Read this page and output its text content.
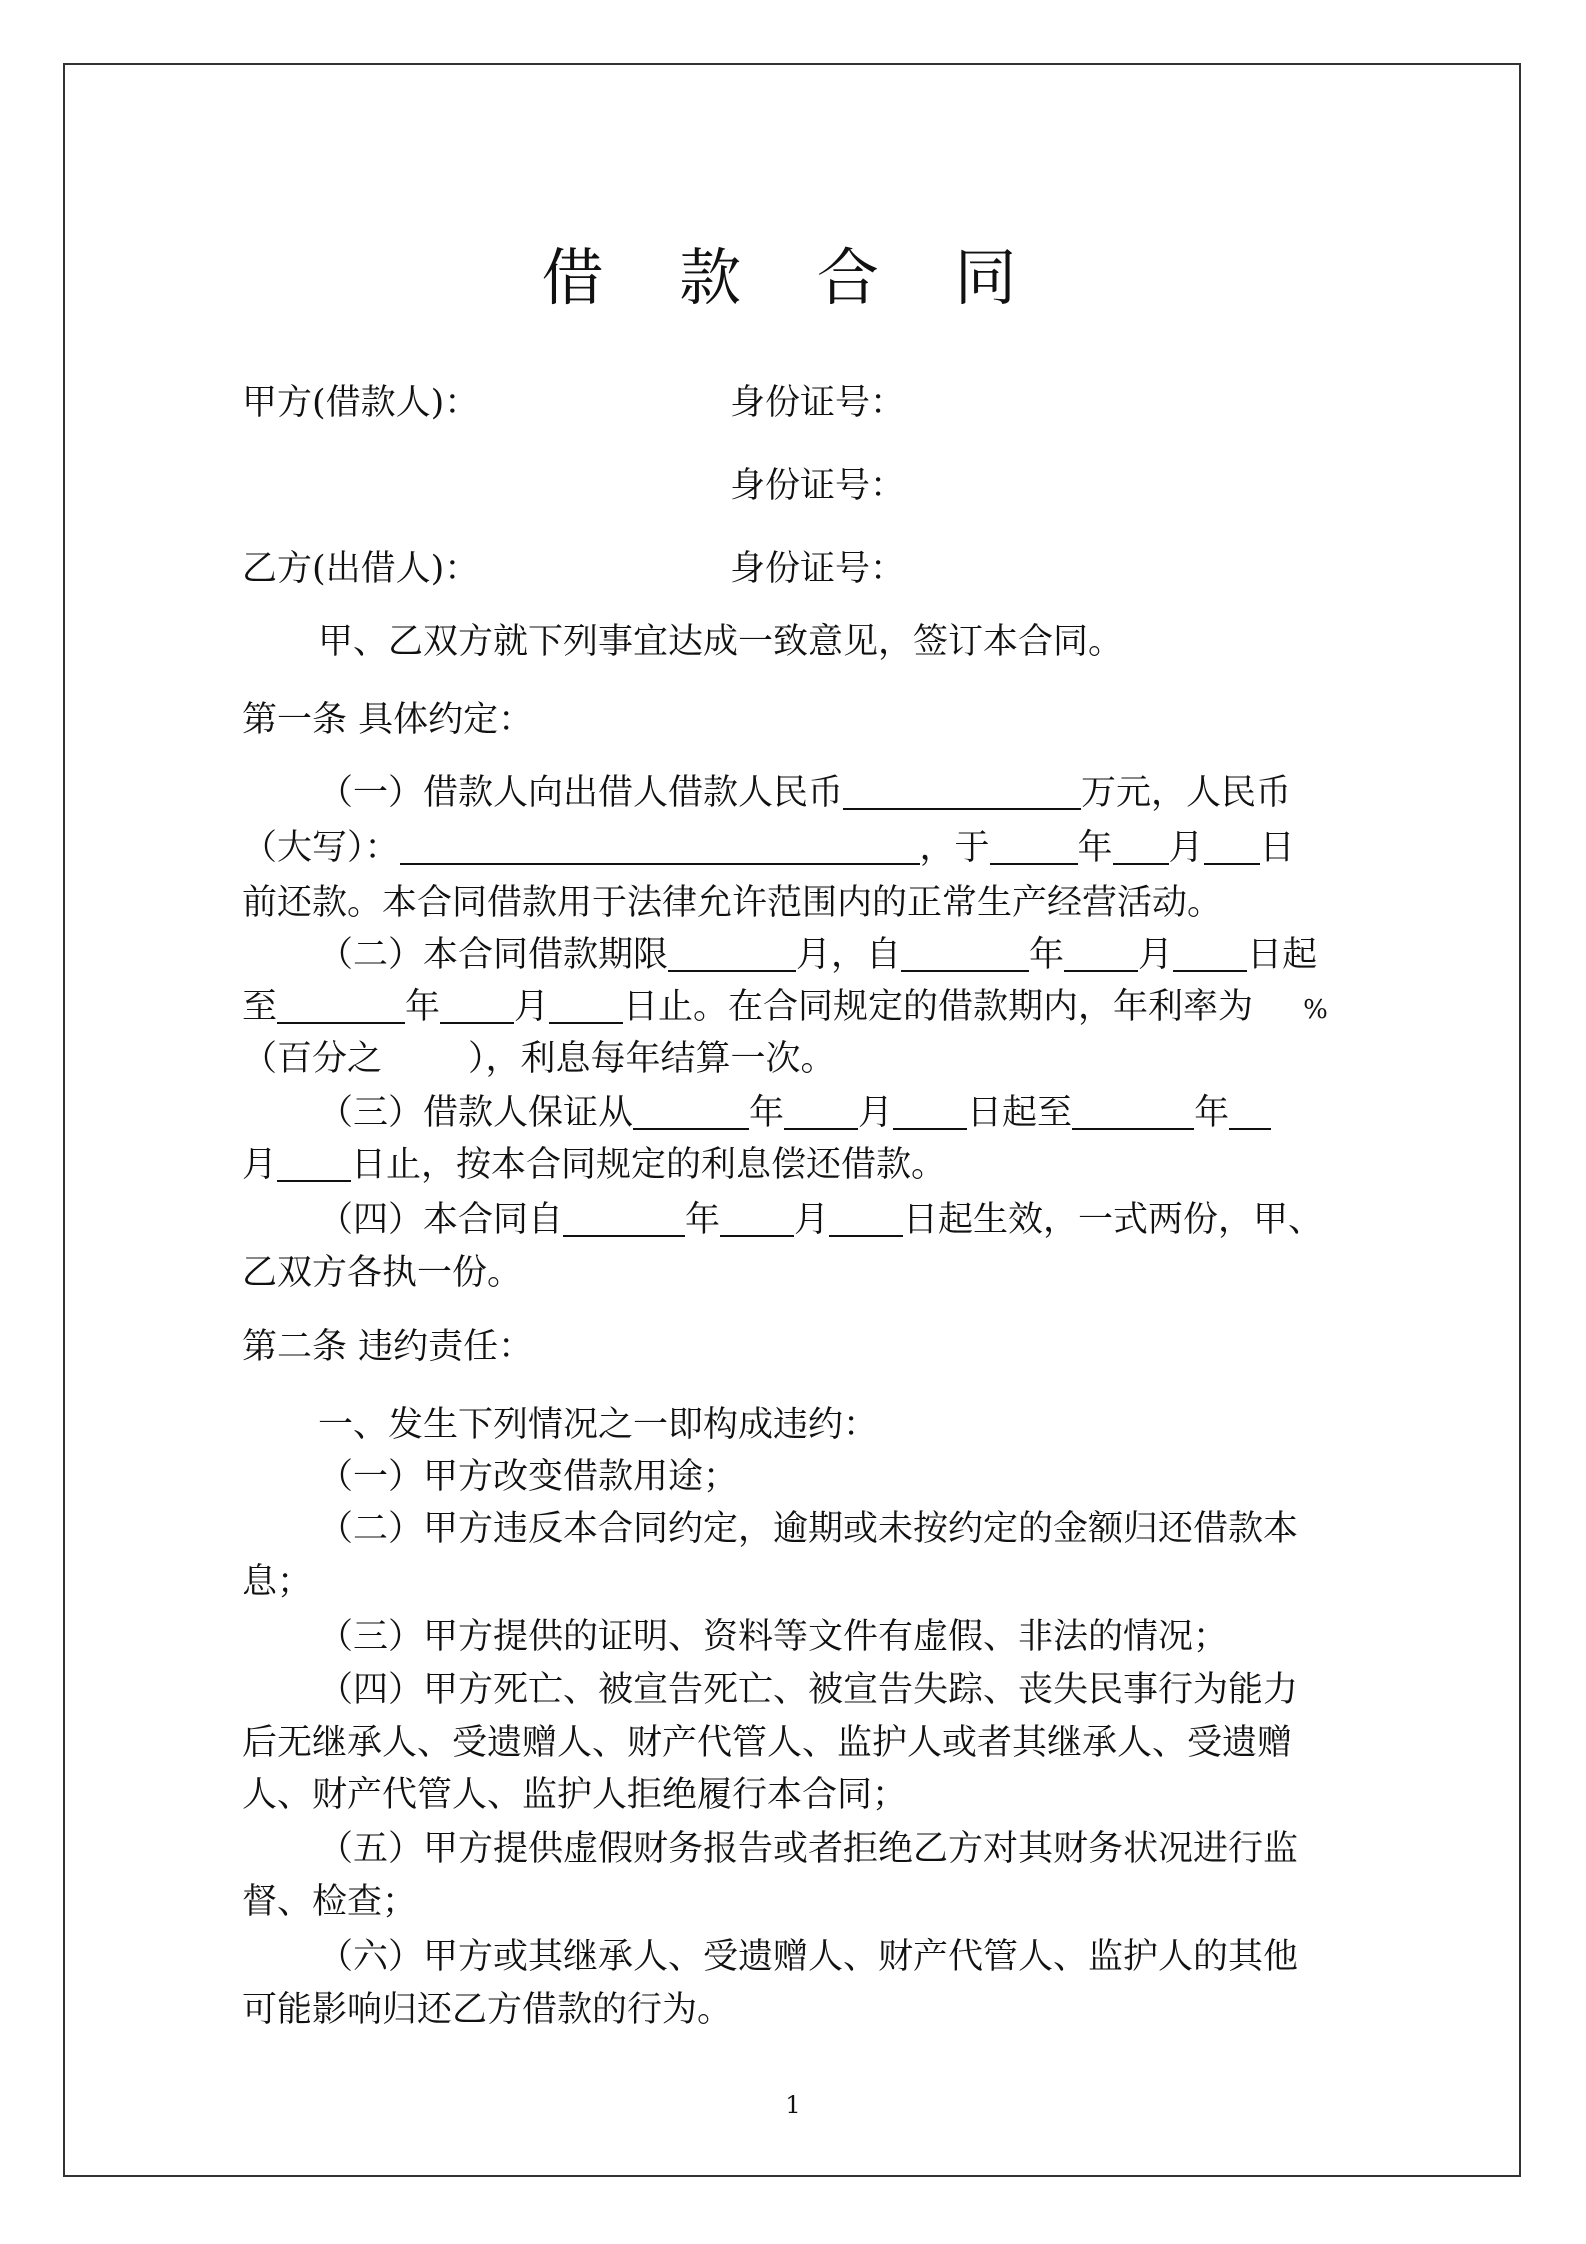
借 款 合 同
甲方(借款人)：	身份证号：
身份证号：
乙方(出借人)：	身份证号：
甲、乙双方就下列事宜达成一致意见，签订本合同。
第一条 具体约定：
（一）借款人向出借人借款人民币	万元，人民币
（大写）：	，于	年 月 日
前还款。本合同借款用于法律允许范围内的正常生产经营活动。
（二）本合同借款期限	月，自	年 月 日起
至	年 月 日止。在合同规定的借款期内，年利率为 %
（百分之 ），利息每年结算一次。
（三）借款人保证从	年 月 日起至	年
月 日止，按本合同规定的利息偿还借款。
（四）本合同自	年 月 日起生效，一式两份，甲、
乙双方各执一份。
第二条 违约责任：
一、发生下列情况之一即构成违约：
（一）甲方改变借款用途；
（二）甲方违反本合同约定，逾期或未按约定的金额归还借款本
息；
（三）甲方提供的证明、资料等文件有虚假、非法的情况；
（四）甲方死亡、被宣告死亡、被宣告失踪、丧失民事行为能力
后无继承人、受遗赠人、财产代管人、监护人或者其继承人、受遗赠
人、财产代管人、监护人拒绝履行本合同；
（五）甲方提供虚假财务报告或者拒绝乙方对其财务状况进行监
督、检查；
（六）甲方或其继承人、受遗赠人、财产代管人、监护人的其他
可能影响归还乙方借款的行为。
1
